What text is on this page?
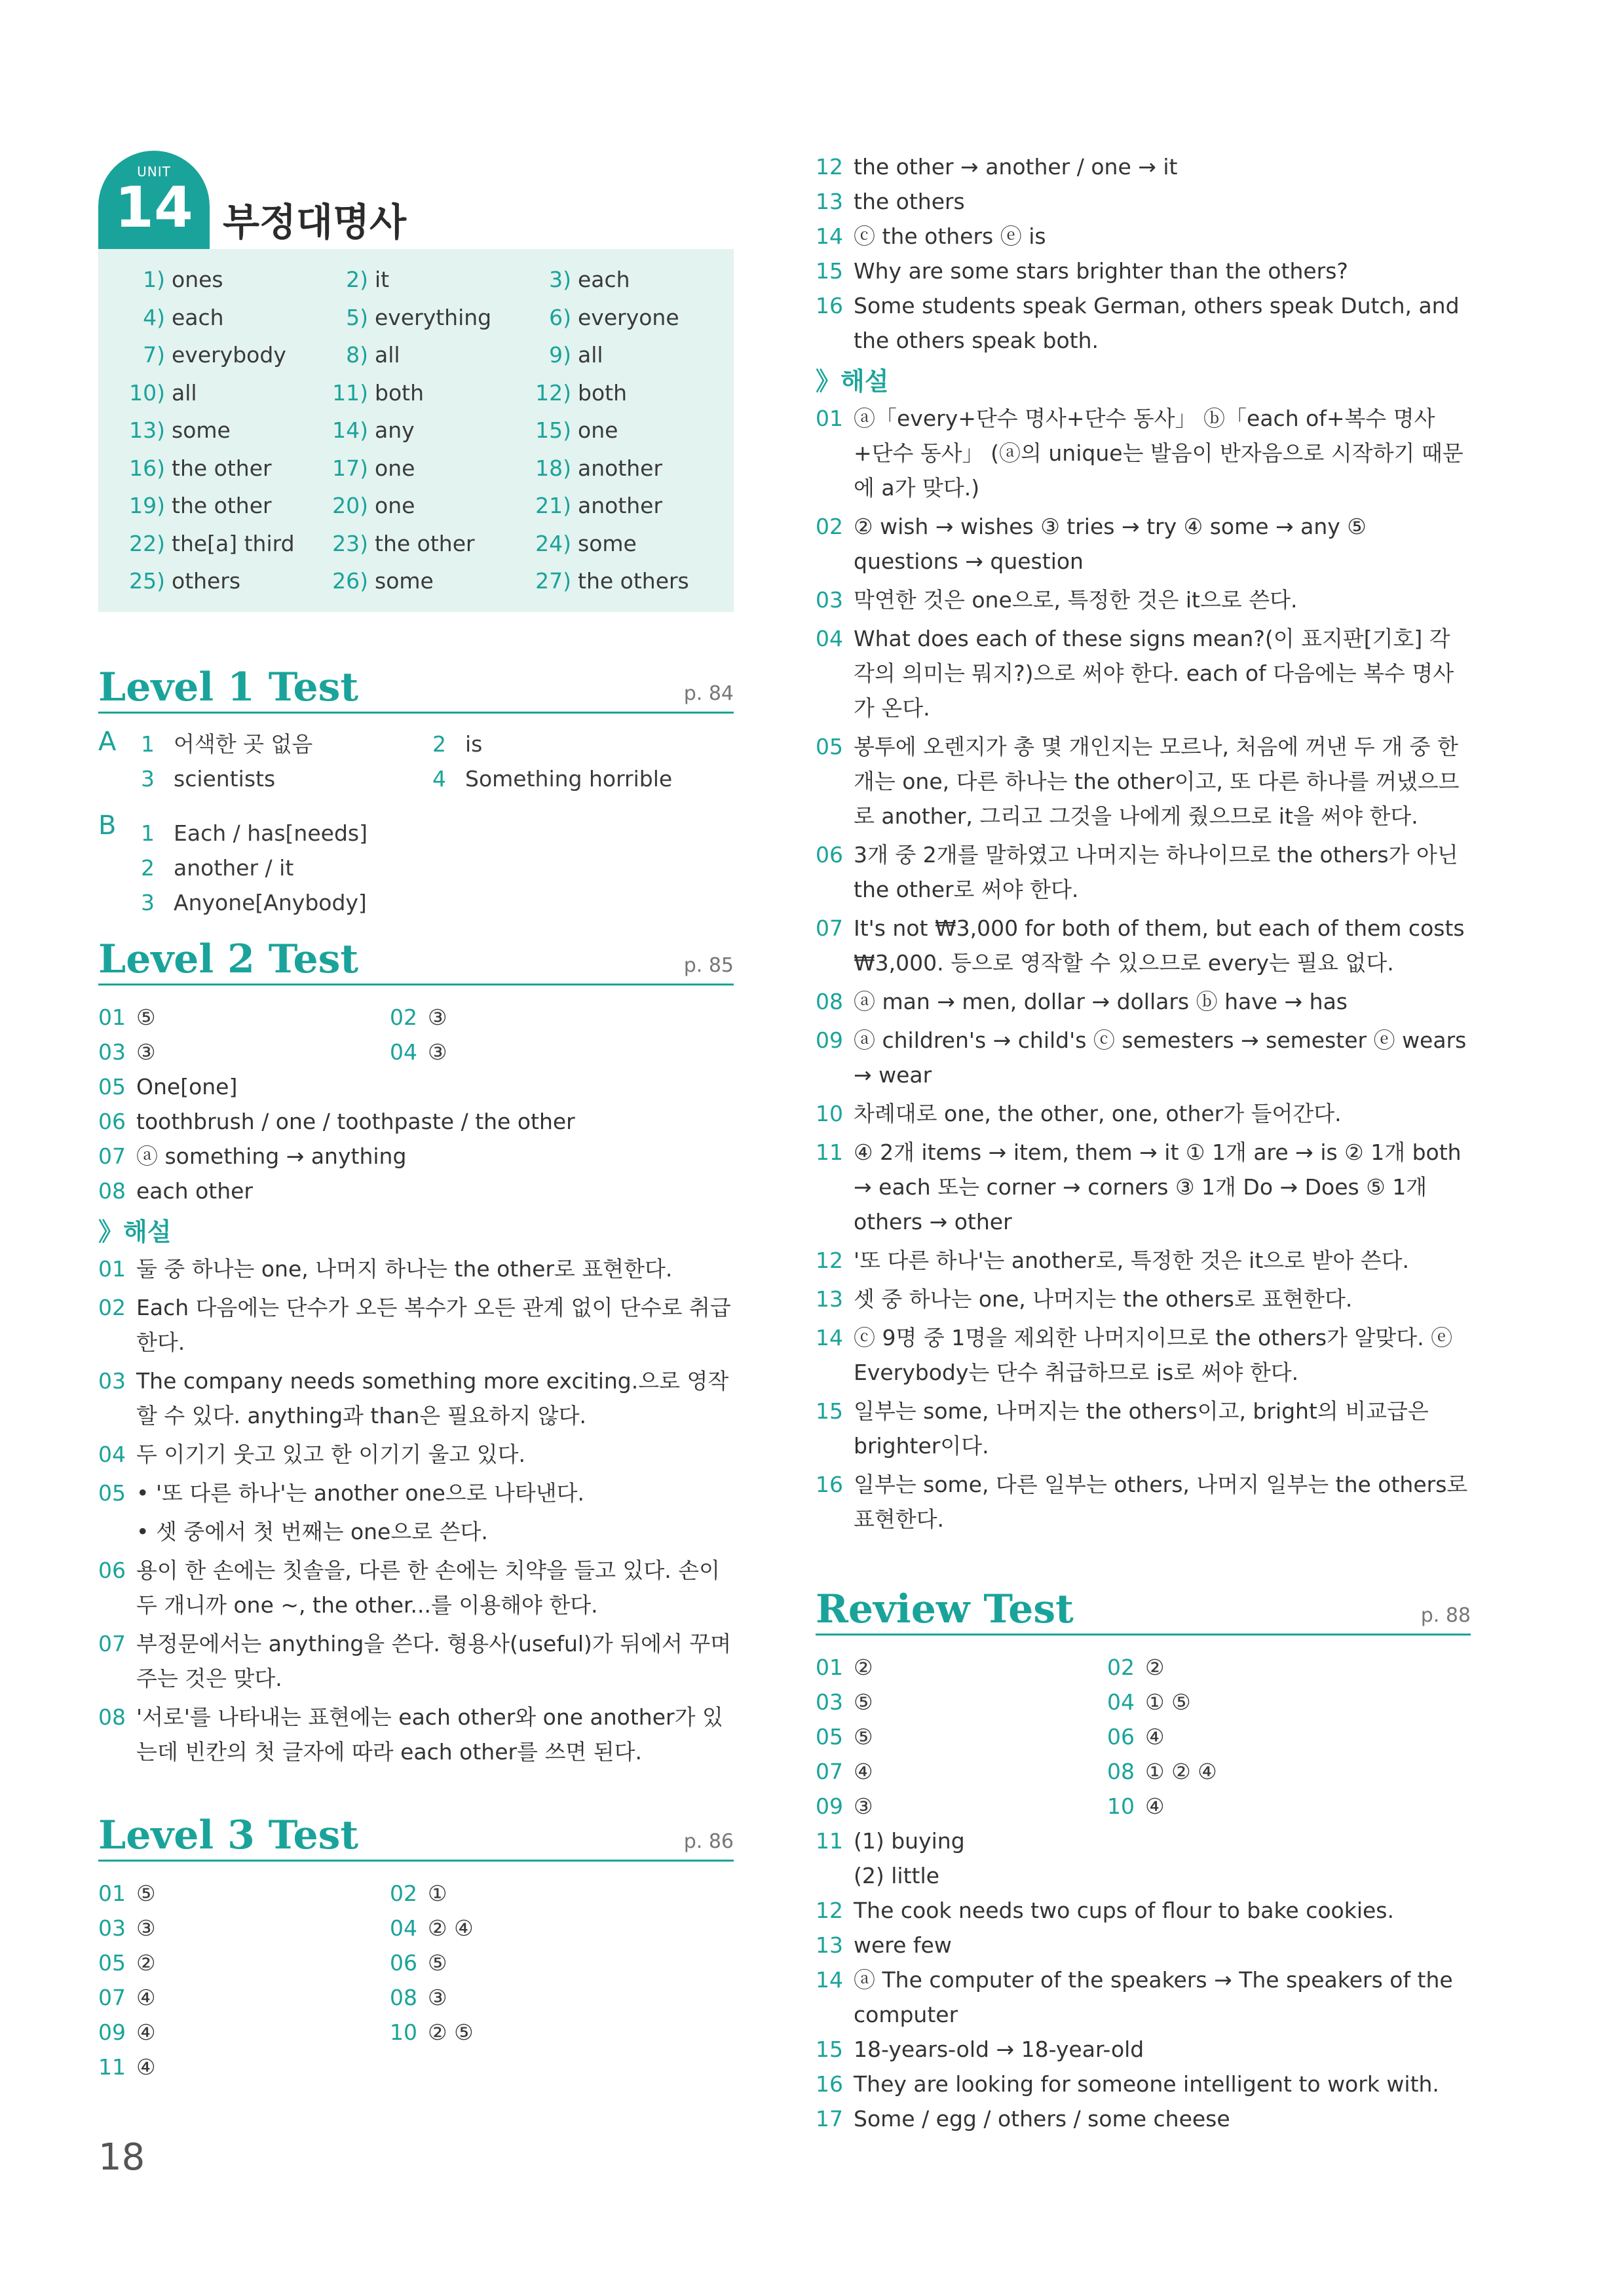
UNIT
14 부정대명사
1) ones	2) it	3) each
4) each	5) everything	6) everyone
7) everybody	8) all	9) all
10) all	11) both	12) both
13) some	14) any	15) one
16) the other	17) one	18) another
19) the other	20) one	21) another
22) the[a] third 23) the other	24) some
25) others	26) some	27) the others
Level 1 Test	p. 84
A
B
1 어색한 곳 없음	2 is
3 scientists	4 Something horrible
1 Each / has[needs]
2 another / it
3 Anyone[Anybody]
Level 2 Test	p. 85
01 ⑤	02 ③
03 ③	04 ③
05 One[one]
06 toothbrush / one / toothpaste / the other
07 ⓐ something → anything
08 each other
》해설
01 둘 중 하나는 one, 나머지 하나는 the other로 표현한다.
02 Each 다음에는 단수가 오든 복수가 오든 관계 없이 단수로 취급한다.
03 The company needs something more exciting.으로 영작할 수 있다. anything과 than은 필요하지 않다.
04 두 이기기 웃고 있고 한 이기기 울고 있다.
05 • '또 다른 하나'는 another one으로 나타낸다.
• 셋 중에서 첫 번째는 one으로 쓴다.
06 용이 한 손에는 칫솔을, 다른 한 손에는 치약을 들고 있다. 손이 두 개니까 one ~, the other...를 이용해야 한다.
07 부정문에서는 anything을 쓴다. 형용사(useful)가 뒤에서 꾸며주는 것은 맞다.
08 '서로'를 나타내는 표현에는 each other와 one another가 있는데 빈칸의 첫 글자에 따라 each other를 쓰면 된다.
Level 3 Test	p. 86
01 ⑤	02 ①
03 ③	04 ② ④
05 ②	06 ⑤
07 ④	08 ③
09 ④	10 ② ⑤
11 ④
12 the other → another / one → it
13 the others
14 ⓒ the others ⓔ is
15 Why are some stars brighter than the others?
16 Some students speak German, others speak Dutch, and the others speak both.
》해설
01 ⓐ「every+단수 명사+단수 동사」 ⓑ「each of+복수 명사+단수 동사」 (ⓐ의 unique는 발음이 반자음으로 시작하기 때문에 a가 맞다.)
02 ② wish → wishes ③ tries → try ④ some → any ⑤ questions → question
03 막연한 것은 one으로, 특정한 것은 it으로 쓴다.
04 What does each of these signs mean?(이 표지판[기호] 각각의 의미는 뭐지?)으로 써야 한다. each of 다음에는 복수 명사가 온다.
05 봉투에 오렌지가 총 몇 개인지는 모르나, 처음에 꺼낸 두 개 중 한 개는 one, 다른 하나는 the other이고, 또 다른 하나를 꺼냈으므로 another, 그리고 그것을 나에게 줬으므로 it을 써야 한다.
06 3개 중 2개를 말하였고 나머지는 하나이므로 the others가 아닌 the other로 써야 한다.
07 It's not ₩3,000 for both of them, but each of them costs ₩3,000. 등으로 영작할 수 있으므로 every는 필요 없다.
08 ⓐ man → men, dollar → dollars ⓑ have → has
09 ⓐ children's → child's ⓒ semesters → semester ⓔ wears → wear
10 차례대로 one, the other, one, other가 들어간다.
11 ④ 2개 items → item, them → it ① 1개 are → is ② 1개 both → each 또는 corner → corners ③ 1개 Do → Does ⑤ 1개 others → other
12 '또 다른 하나'는 another로, 특정한 것은 it으로 받아 쓴다.
13 셋 중 하나는 one, 나머지는 the others로 표현한다.
14 ⓒ 9명 중 1명을 제외한 나머지이므로 the others가 알맞다. ⓔ Everybody는 단수 취급하므로 is로 써야 한다.
15 일부는 some, 나머지는 the others이고, bright의 비교급은 brighter이다.
16 일부는 some, 다른 일부는 others, 나머지 일부는 the others로 표현한다.
Review Test	p. 88
01 ②	02 ②
03 ⑤	04 ① ⑤
05 ⑤	06 ④
07 ④	08 ① ② ④
09 ③	10 ④
11 (1) buying
(2) little
12 The cook needs two cups of flour to bake cookies.
13 were few
14 ⓐ The computer of the speakers → The speakers of the computer
15 18-years-old → 18-year-old
16 They are looking for someone intelligent to work with.
17 Some / egg / others / some cheese
18
